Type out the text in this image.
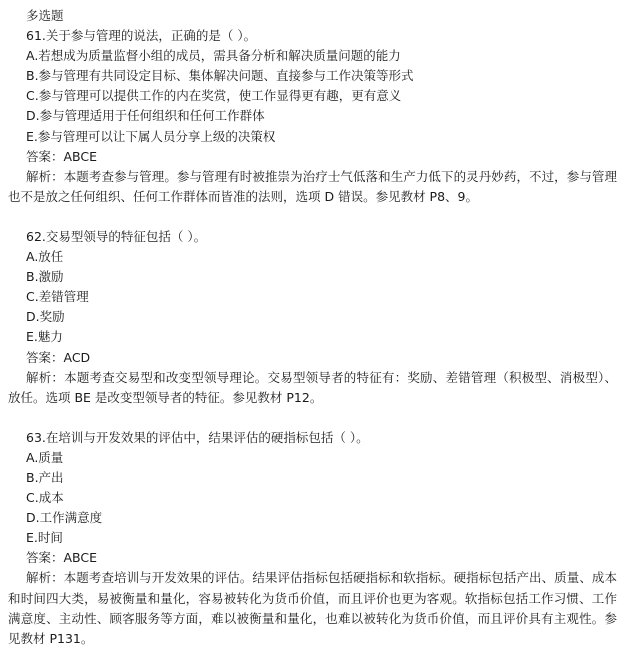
多选题

61.关于参与管理的说法，正确的是（ ）。

A.若想成为质量监督小组的成员，需具备分析和解决质量问题的能力

B.参与管理有共同设定目标、集体解决问题、直接参与工作决策等形式

C.参与管理可以提供工作的内在奖赏，使工作显得更有趣，更有意义

D.参与管理适用于任何组织和任何工作群体

E.参与管理可以让下属人员分享上级的决策权

答案：ABCE

解析：本题考查参与管理。参与管理有时被推崇为治疗士气低落和生产力低下的灵丹妙药，不过，参与管理也不是放之任何组织、任何工作群体而皆准的法则，选项 D 错误。参见教材 P8、9。

62.交易型领导的特征包括（ ）。

A.放任

B.激励

C.差错管理

D.奖励

E.魅力

答案：ACD

解析：本题考查交易型和改变型领导理论。交易型领导者的特征有：奖励、差错管理（积极型、消极型）、放任。选项 BE 是改变型领导者的特征。参见教材 P12。

63.在培训与开发效果的评估中，结果评估的硬指标包括（ ）。

A.质量

B.产出

C.成本

D.工作满意度

E.时间

答案：ABCE

解析：本题考查培训与开发效果的评估。结果评估指标包括硬指标和软指标。硬指标包括产出、质量、成本和时间四大类，易被衡量和量化，容易被转化为货币价值，而且评价也更为客观。软指标包括工作习惯、工作满意度、主动性、顾客服务等方面，难以被衡量和量化，也难以被转化为货币价值，而且评价具有主观性。参见教材 P131。
